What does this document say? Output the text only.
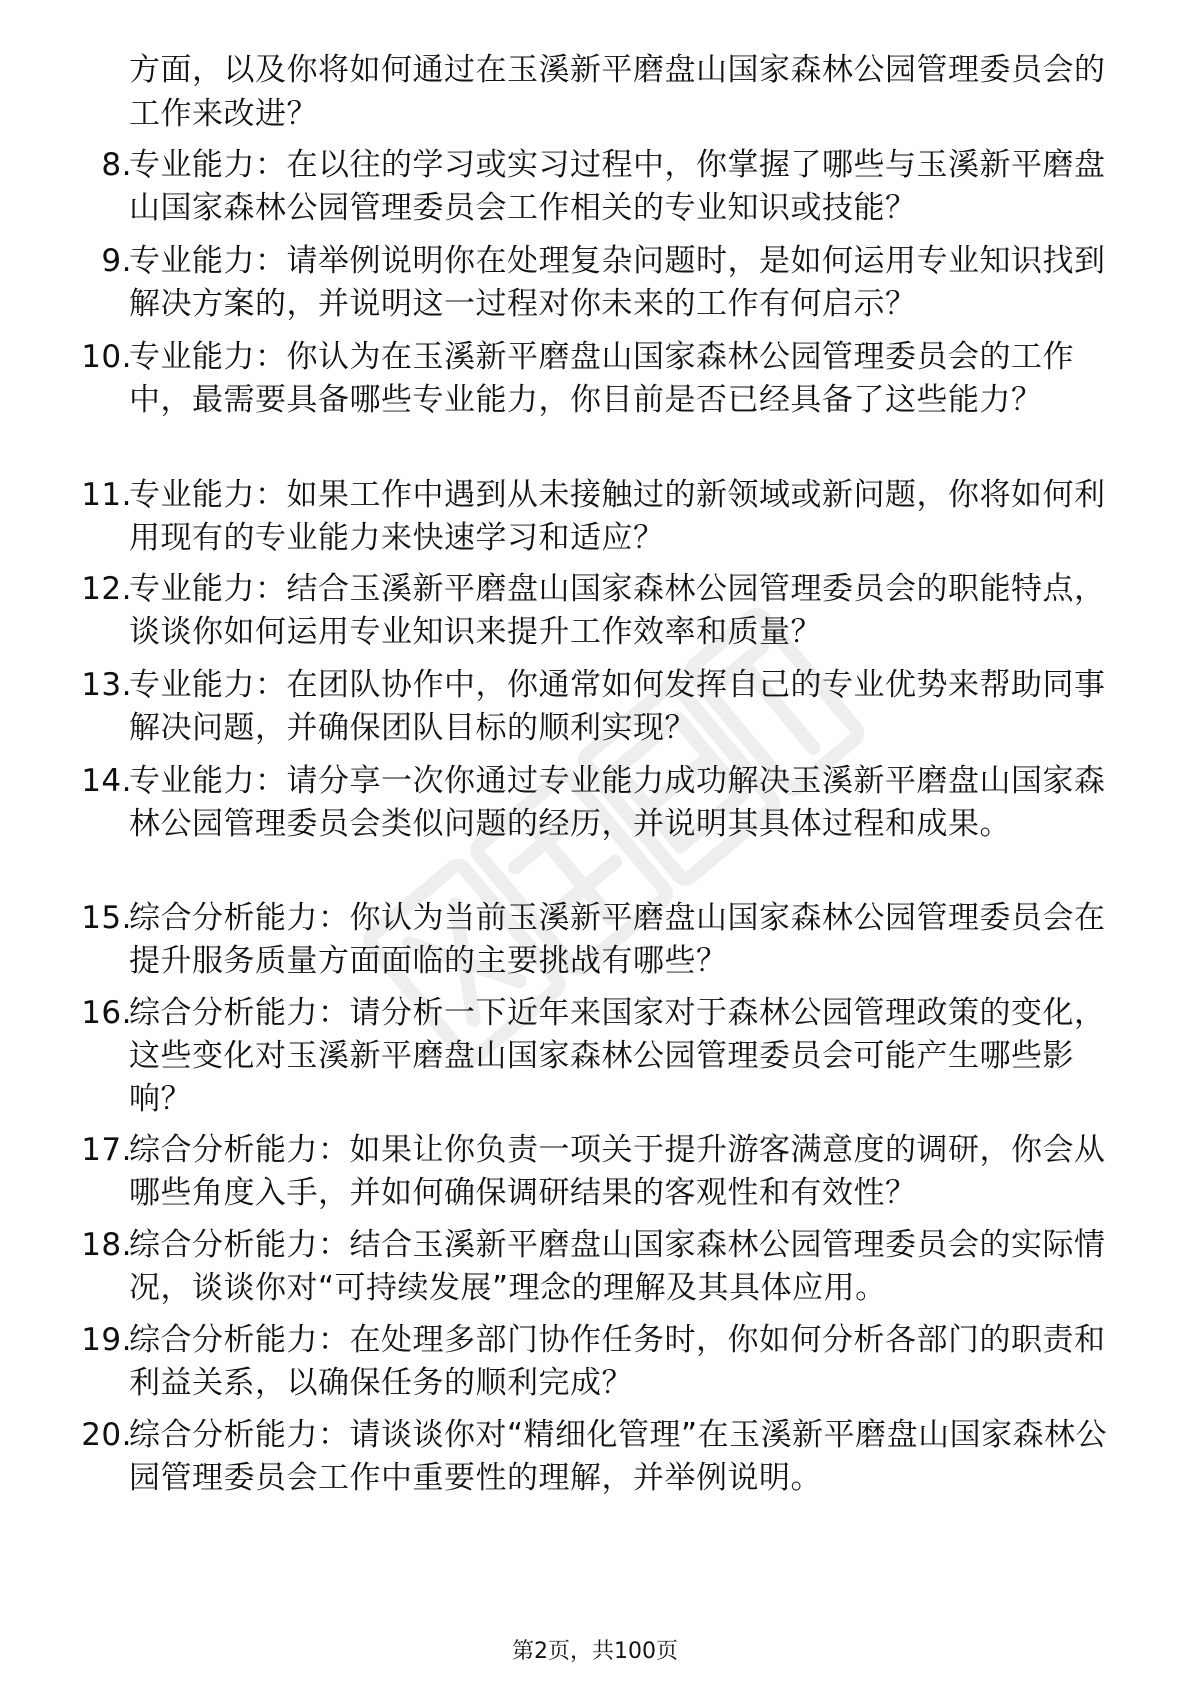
方面，以及你将如何通过在玉溪新平磨盘山国家森林公园管理委员会的工作来改进？
8.
专业能力：在以往的学习或实习过程中，你掌握了哪些与玉溪新平磨盘山国家森林公园管理委员会工作相关的专业知识或技能？
9.
专业能力：请举例说明你在处理复杂问题时，是如何运用专业知识找到解决方案的，并说明这一过程对你未来的工作有何启示？
10.
专业能力：你认为在玉溪新平磨盘山国家森林公园管理委员会的工作中，最需要具备哪些专业能力，你目前是否已经具备了这些能力？
11.
专业能力：如果工作中遇到从未接触过的新领域或新问题，你将如何利用现有的专业能力来快速学习和适应？
12.
专业能力：结合玉溪新平磨盘山国家森林公园管理委员会的职能特点，谈谈你如何运用专业知识来提升工作效率和质量？
13.
专业能力：在团队协作中，你通常如何发挥自己的专业优势来帮助同事解决问题，并确保团队目标的顺利实现？
14.
专业能力：请分享一次你通过专业能力成功解决玉溪新平磨盘山国家森林公园管理委员会类似问题的经历，并说明其具体过程和成果。
15.
综合分析能力：你认为当前玉溪新平磨盘山国家森林公园管理委员会在提升服务质量方面面临的主要挑战有哪些？
16.
综合分析能力：请分析一下近年来国家对于森林公园管理政策的变化，这些变化对玉溪新平磨盘山国家森林公园管理委员会可能产生哪些影响？
17.
综合分析能力：如果让你负责一项关于提升游客满意度的调研，你会从哪些角度入手，并如何确保调研结果的客观性和有效性？
18.
综合分析能力：结合玉溪新平磨盘山国家森林公园管理委员会的实际情况，谈谈你对“可持续发展”理念的理解及其具体应用。
19.
综合分析能力：在处理多部门协作任务时，你如何分析各部门的职责和利益关系，以确保任务的顺利完成？
20.
综合分析能力：请谈谈你对“精细化管理”在玉溪新平磨盘山国家森林公园管理委员会工作中重要性的理解，并举例说明。
第2页，共100页
